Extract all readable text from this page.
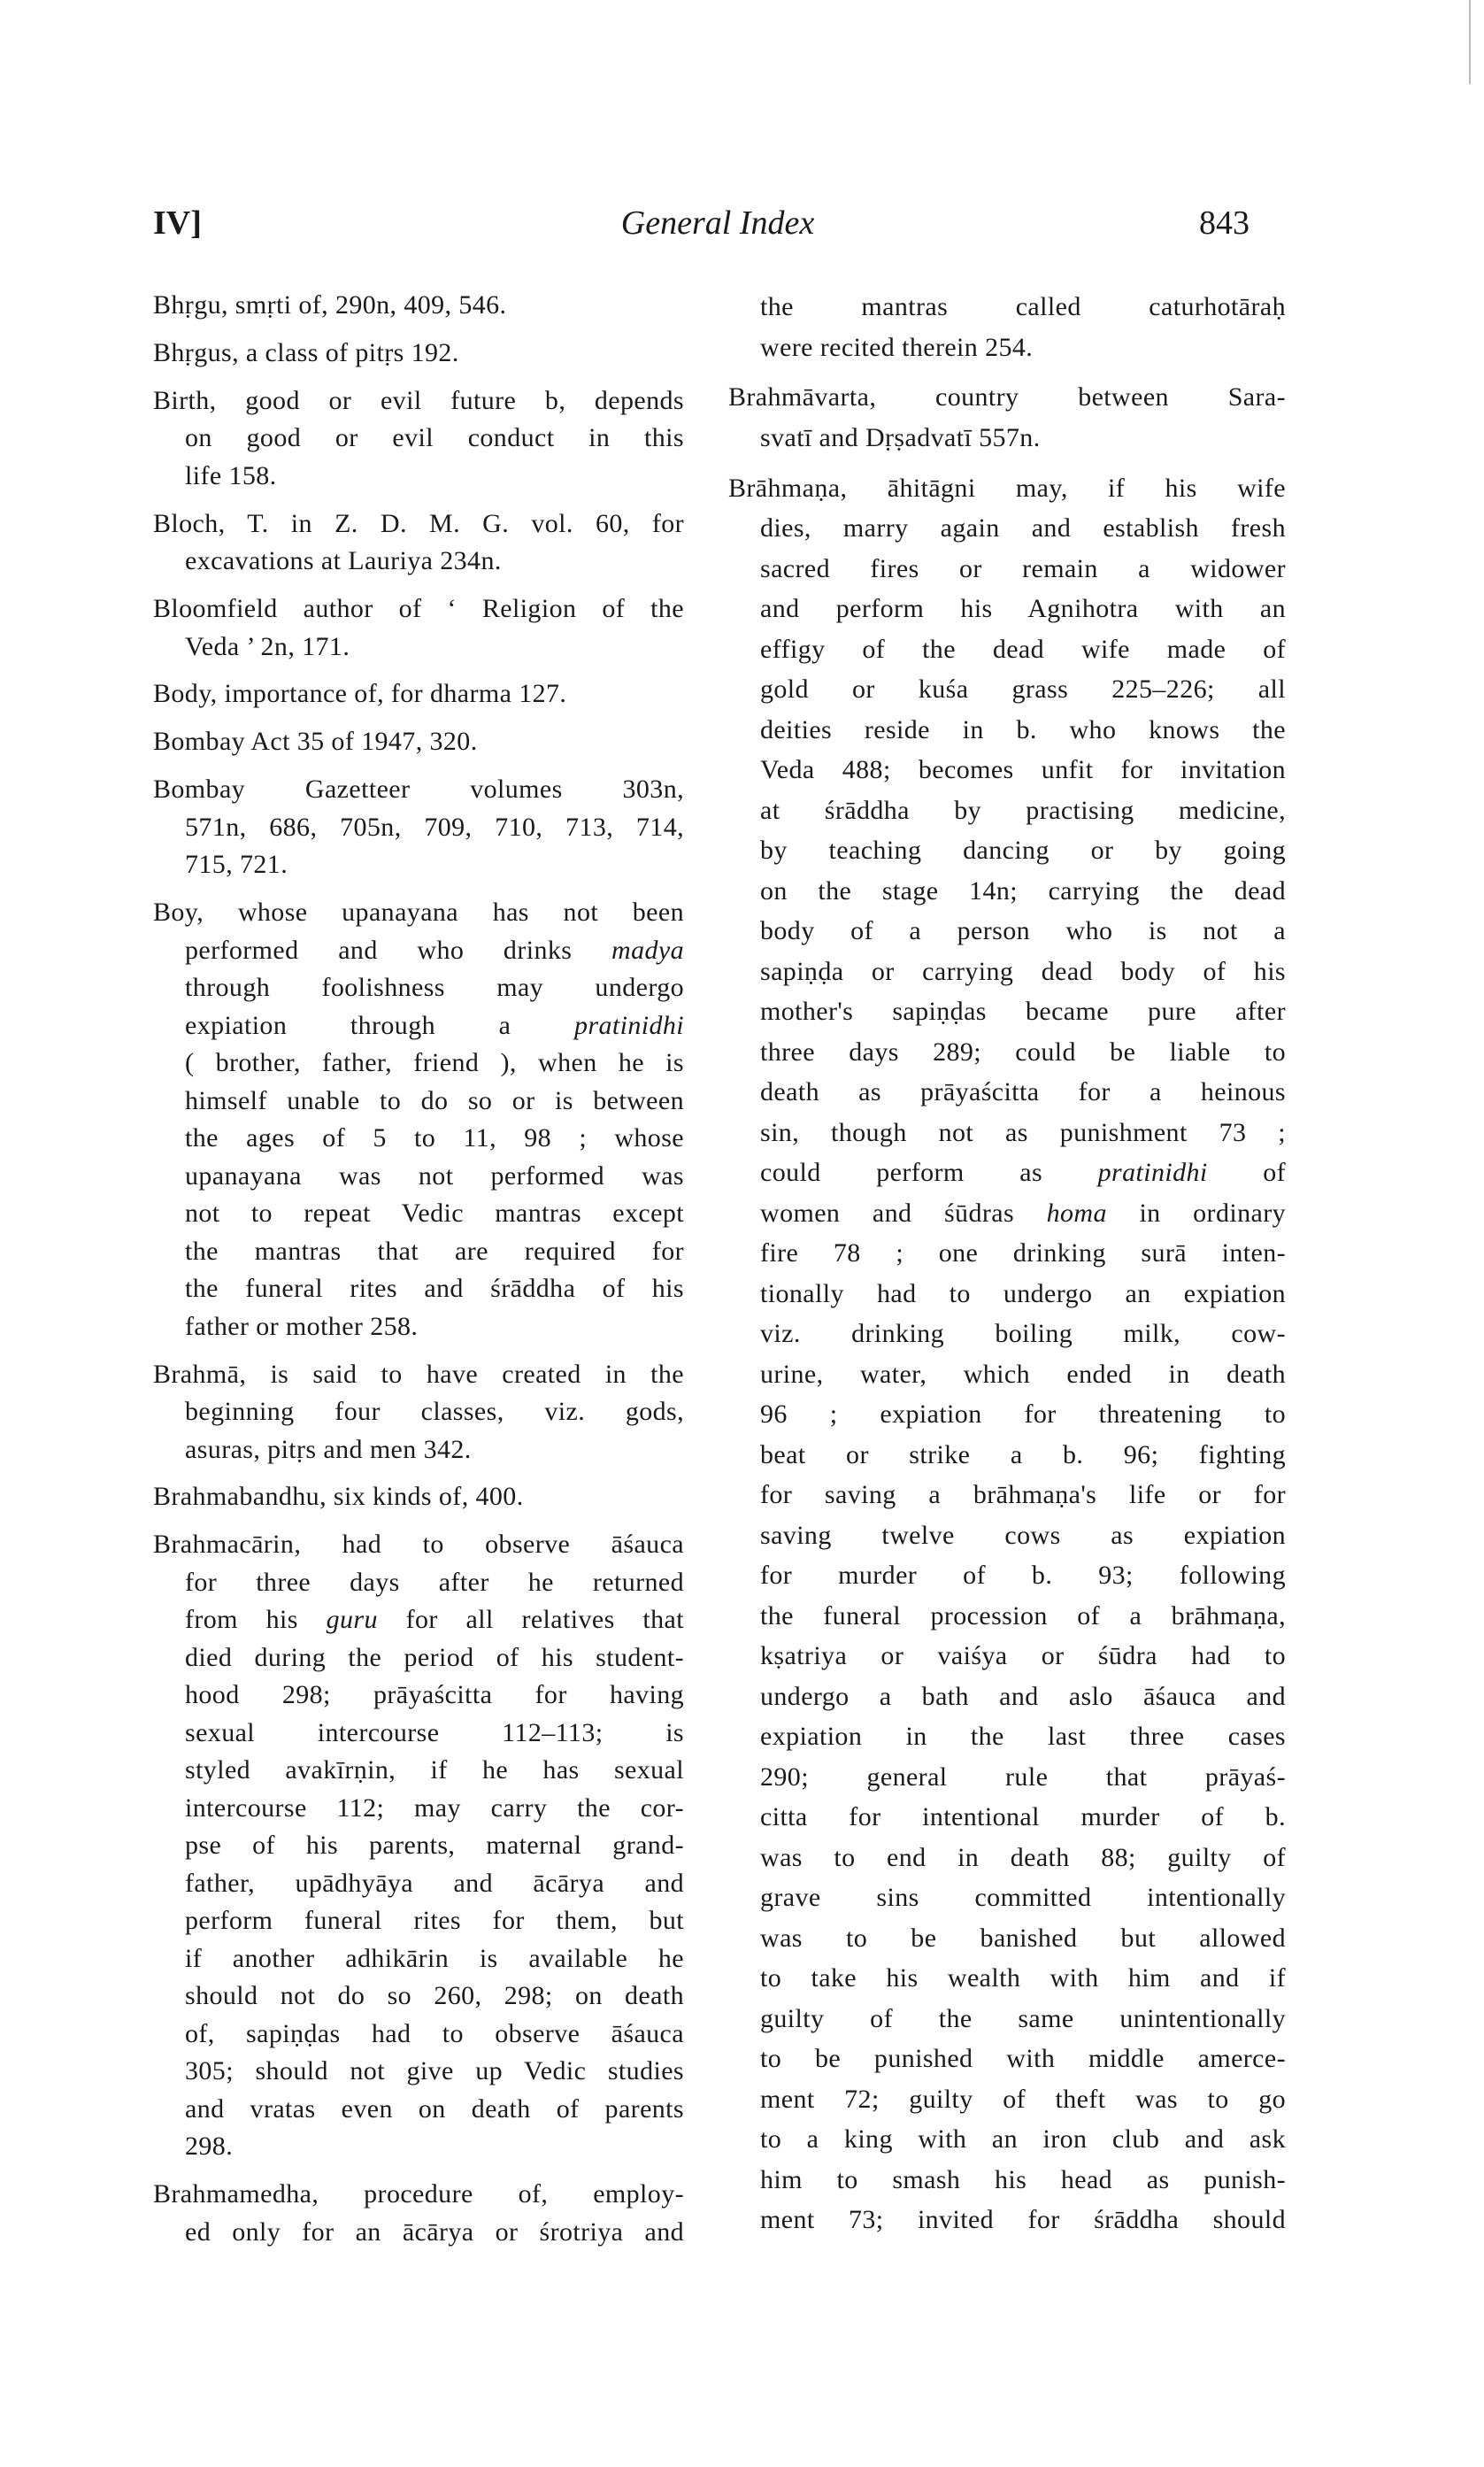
IV]	General Index	843
Bhṛgu, smṛti of, 290n, 409, 546.
Bhṛgus, a class of pitṛs 192.
Birth, good or evil future b, depends
on good or evil conduct in this
life 158.
Bloch, T. in Z. D. M. G. vol. 60, for
excavations at Lauriya 234n.
Bloomfield author of ‘ Religion of the
Veda ’ 2n, 171.
Body, importance of, for dharma 127.
Bombay Act 35 of 1947, 320.
Bombay Gazetteer volumes 303n,
571n, 686, 705n, 709, 710, 713, 714,
715, 721.
Boy, whose upanayana has not been
performed and who drinks madya
through foolishness may undergo
expiation through a pratinidhi
( brother, father, friend ), when he is
himself unable to do so or is between
the ages of 5 to 11, 98 ; whose
upanayana was not performed was
not to repeat Vedic mantras except
the mantras that are required for
the funeral rites and śrāddha of his
father or mother 258.
Brahmā, is said to have created in the
beginning four classes, viz. gods,
asuras, pitṛs and men 342.
Brahmabandhu, six kinds of, 400.
Brahmacārin, had to observe āśauca
for three days after he returned
from his guru for all relatives that
died during the period of his student-
hood 298; prāyaścitta for having
sexual intercourse 112–113; is
styled avakīrṇin, if he has sexual
intercourse 112; may carry the cor-
pse of his parents, maternal grand-
father, upādhyāya and ācārya and
perform funeral rites for them, but
if another adhikārin is available he
should not do so 260, 298; on death
of, sapiṇḍas had to observe āśauca
305; should not give up Vedic studies
and vratas even on death of parents
298.
Brahmamedha, procedure of, employ-
ed only for an ācārya or śrotriya and
the mantras called caturhotāraḥ
were recited therein 254.
Brahmāvarta, country between Sara-
svatī and Dṛṣadvatī 557n.
Brāhmaṇa, āhitāgni may, if his wife
dies, marry again and establish fresh
sacred fires or remain a widower
and perform his Agnihotra with an
effigy of the dead wife made of
gold or kuśa grass 225–226; all
deities reside in b. who knows the
Veda 488; becomes unfit for invitation
at śrāddha by practising medicine,
by teaching dancing or by going
on the stage 14n; carrying the dead
body of a person who is not a
sapiṇḍa or carrying dead body of his
mother's sapiṇḍas became pure after
three days 289; could be liable to
death as prāyaścitta for a heinous
sin, though not as punishment 73 ;
could perform as pratinidhi of
women and śūdras homa in ordinary
fire 78 ; one drinking surā inten-
tionally had to undergo an expiation
viz. drinking boiling milk, cow-
urine, water, which ended in death
96 ; expiation for threatening to
beat or strike a b. 96; fighting
for saving a brāhmaṇa's life or for
saving twelve cows as expiation
for murder of b. 93; following
the funeral procession of a brāhmaṇa,
kṣatriya or vaiśya or śūdra had to
undergo a bath and aslo āśauca and
expiation in the last three cases
290; general rule that prāyaś-
citta for intentional murder of b.
was to end in death 88; guilty of
grave sins committed intentionally
was to be banished but allowed
to take his wealth with him and if
guilty of the same unintentionally
to be punished with middle amerce-
ment 72; guilty of theft was to go
to a king with an iron club and ask
him to smash his head as punish-
ment 73; invited for śrāddha should
